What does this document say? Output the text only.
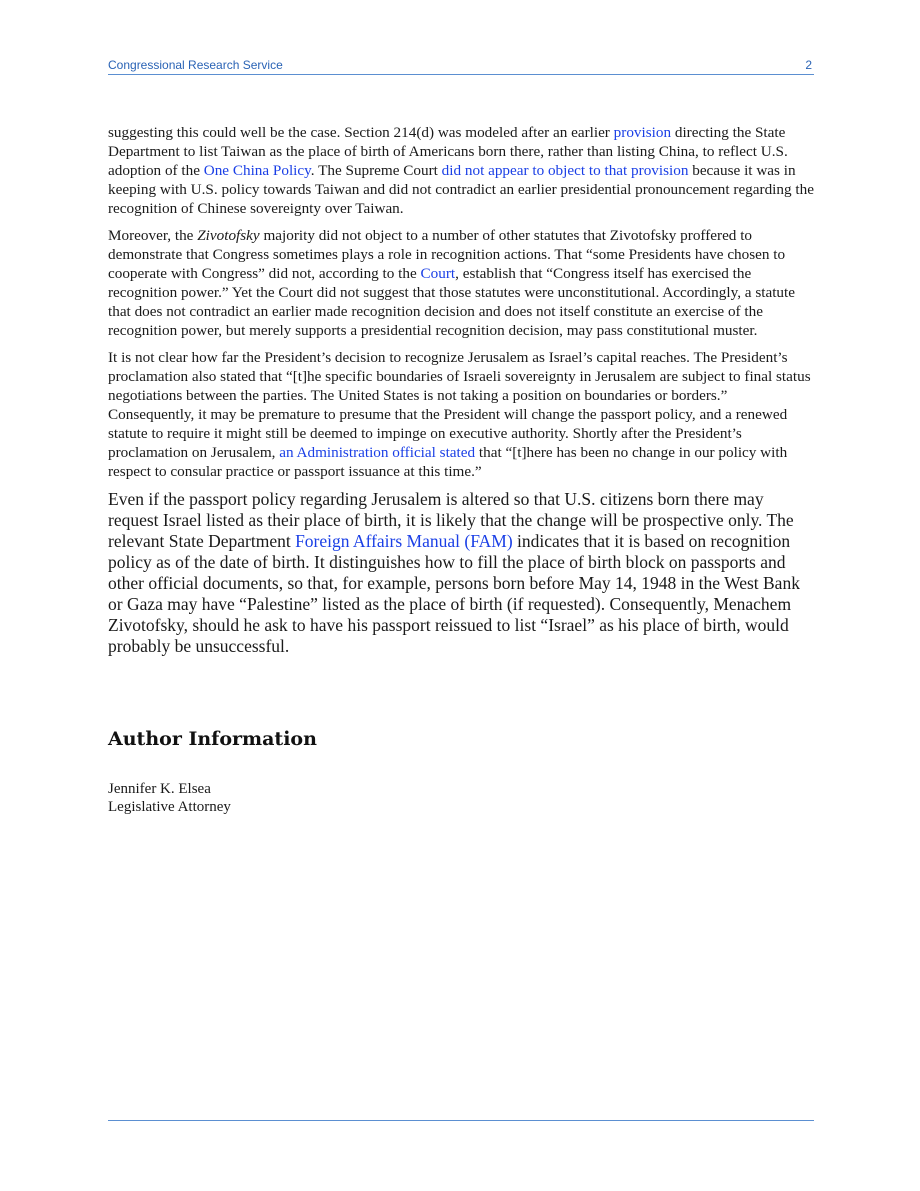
Congressional Research Service	2

suggesting this could well be the case. Section 214(d) was modeled after an earlier provision directing the State Department to list Taiwan as the place of birth of Americans born there, rather than listing China, to reflect U.S. adoption of the One China Policy. The Supreme Court did not appear to object to that provision because it was in keeping with U.S. policy towards Taiwan and did not contradict an earlier presidential pronouncement regarding the recognition of Chinese sovereignty over Taiwan.

Moreover, the Zivotofsky majority did not object to a number of other statutes that Zivotofsky proffered to demonstrate that Congress sometimes plays a role in recognition actions. That “some Presidents have chosen to cooperate with Congress” did not, according to the Court, establish that “Congress itself has exercised the recognition power.” Yet the Court did not suggest that those statutes were unconstitutional. Accordingly, a statute that does not contradict an earlier made recognition decision and does not itself constitute an exercise of the recognition power, but merely supports a presidential recognition decision, may pass constitutional muster.

It is not clear how far the President’s decision to recognize Jerusalem as Israel’s capital reaches. The President’s proclamation also stated that “[t]he specific boundaries of Israeli sovereignty in Jerusalem are subject to final status negotiations between the parties. The United States is not taking a position on boundaries or borders.” Consequently, it may be premature to presume that the President will change the passport policy, and a renewed statute to require it might still be deemed to impinge on executive authority. Shortly after the President’s proclamation on Jerusalem, an Administration official stated that “[t]here has been no change in our policy with respect to consular practice or passport issuance at this time.”

Even if the passport policy regarding Jerusalem is altered so that U.S. citizens born there may request Israel listed as their place of birth, it is likely that the change will be prospective only. The relevant State Department Foreign Affairs Manual (FAM) indicates that it is based on recognition policy as of the date of birth. It distinguishes how to fill the place of birth block on passports and other official documents, so that, for example, persons born before May 14, 1948 in the West Bank or Gaza may have “Palestine” listed as the place of birth (if requested). Consequently, Menachem Zivotofsky, should he ask to have his passport reissued to list “Israel” as his place of birth, would probably be unsuccessful.

Author Information
Jennifer K. Elsea
Legislative Attorney
